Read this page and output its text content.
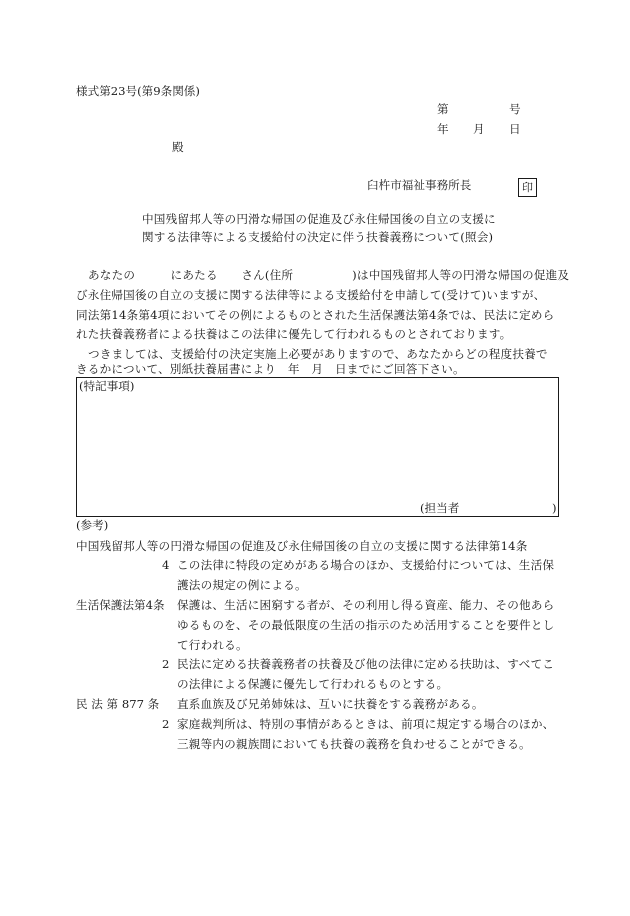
様式第23号(第9条関係)
第	号
年 月 日
殿
臼杵市福祉事務所長	印
中国残留邦人等の円滑な帰国の促進及び永住帰国後の自立の支援に
関する法律等による支援給付の決定に伴う扶養義務について(照会)
あなたの　　　にあたる　　さん(住所　　　　　)は中国残留邦人等の円滑な帰国の促進及
び永住帰国後の自立の支援に関する法律等による支援給付を申請して(受けて)いますが、
同法第14条第4項においてその例によるものとされた生活保護法第4条では、民法に定めら
れた扶養義務者による扶養はこの法律に優先して行われるものとされております。
つきましては、支援給付の決定実施上必要がありますので、あなたからどの程度扶養で
きるかについて、別紙扶養届書により　年　月　日までにご回答下さい。
(特記事項)
(担当者　　　　　　　　)
(参考)
中国残留邦人等の円滑な帰国の促進及び永住帰国後の自立の支援に関する法律第14条
4 この法律に特段の定めがある場合のほか、支援給付については、生活保
護法の規定の例による。
生活保護法第4条 保護は、生活に困窮する者が、その利用し得る資産、能力、その他あら
ゆるものを、その最低限度の生活の指示のため活用することを要件とし
て行われる。
2 民法に定める扶養義務者の扶養及び他の法律に定める扶助は、すべてこ
の法律による保護に優先して行われるものとする。
民 法 第 877 条 直系血族及び兄弟姉妹は、互いに扶養をする義務がある。
2 家庭裁判所は、特別の事情があるときは、前項に規定する場合のほか、
三親等内の親族間においても扶養の義務を負わせることができる。
